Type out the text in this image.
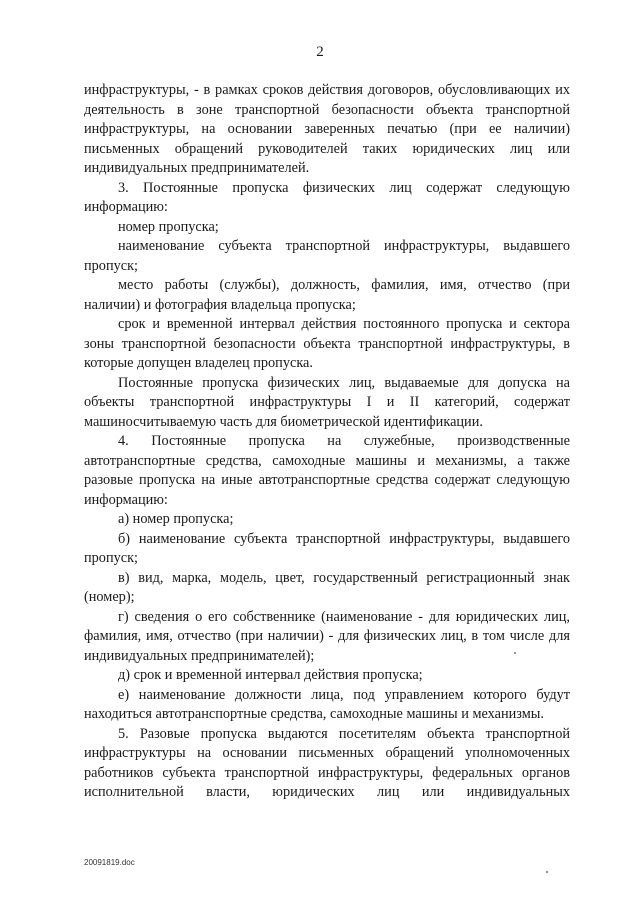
2

инфраструктуры, - в рамках сроков действия договоров, обусловливающих их деятельность в зоне транспортной безопасности объекта транспортной инфраструктуры, на основании заверенных печатью (при ее наличии) письменных обращений руководителей таких юридических лиц или индивидуальных предпринимателей.

3. Постоянные пропуска физических лиц содержат следующую информацию:

номер пропуска;

наименование субъекта транспортной инфраструктуры, выдавшего пропуск;

место работы (службы), должность, фамилия, имя, отчество (при наличии) и фотография владельца пропуска;

срок и временной интервал действия постоянного пропуска и сектора зоны транспортной безопасности объекта транспортной инфраструктуры, в которые допущен владелец пропуска.

Постоянные пропуска физических лиц, выдаваемые для допуска на объекты транспортной инфраструктуры I и II категорий, содержат машиносчитываемую часть для биометрической идентификации.

4. Постоянные пропуска на служебные, производственные автотранспортные средства, самоходные машины и механизмы, а также разовые пропуска на иные автотранспортные средства содержат следующую информацию:

а) номер пропуска;

б) наименование субъекта транспортной инфраструктуры, выдавшего пропуск;

в) вид, марка, модель, цвет, государственный регистрационный знак (номер);

г) сведения о его собственнике (наименование - для юридических лиц, фамилия, имя, отчество (при наличии) - для физических лиц, в том числе для индивидуальных предпринимателей);

д) срок и временной интервал действия пропуска;

е) наименование должности лица, под управлением которого будут находиться автотранспортные средства, самоходные машины и механизмы.

5. Разовые пропуска выдаются посетителям объекта транспортной инфраструктуры на основании письменных обращений уполномоченных работников субъекта транспортной инфраструктуры, федеральных органов исполнительной власти, юридических лиц или индивидуальных

20091819.doc
